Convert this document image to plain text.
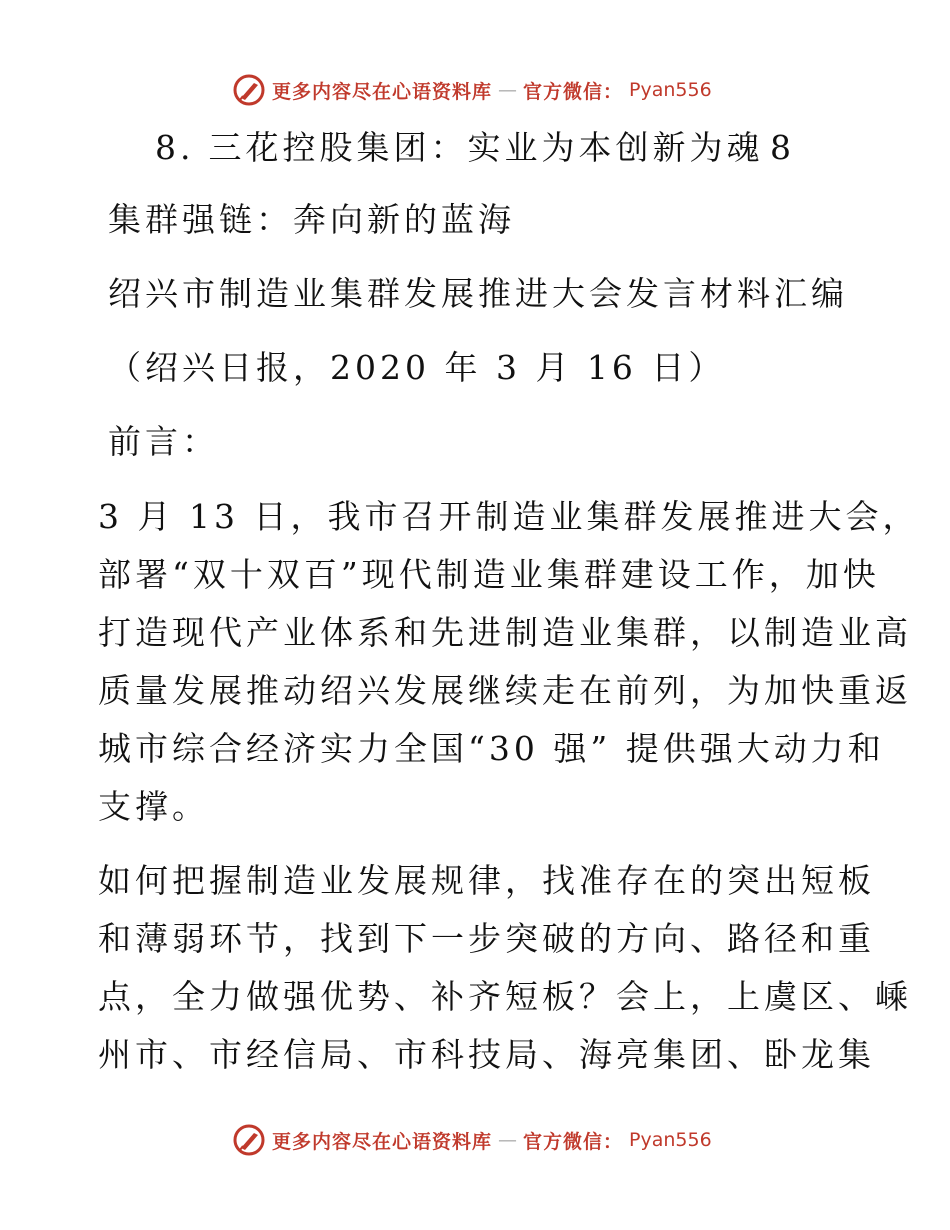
更多内容尽在心语资料库 — 官方微信： Pyan556
8. 三花控股集团：实业为本创新为魂 8
集群强链：奔向新的蓝海
绍兴市制造业集群发展推进大会发言材料汇编
（绍兴日报，2020 年 3 月 16 日）
前言：

3 月 13 日，我市召开制造业集群发展推进大会，
部署“双十双百”现代制造业集群建设工作，加快
打造现代产业体系和先进制造业集群，以制造业高
质量发展推动绍兴发展继续走在前列，为加快重返
城市综合经济实力全国“30 强” 提供强大动力和
支撑。

如何把握制造业发展规律，找准存在的突出短板
和薄弱环节，找到下一步突破的方向、路径和重
点，全力做强优势、补齐短板？会上，上虞区、嵊
州市、市经信局、市科技局、海亮集团、卧龙集

更多内容尽在心语资料库 — 官方微信： Pyan556
